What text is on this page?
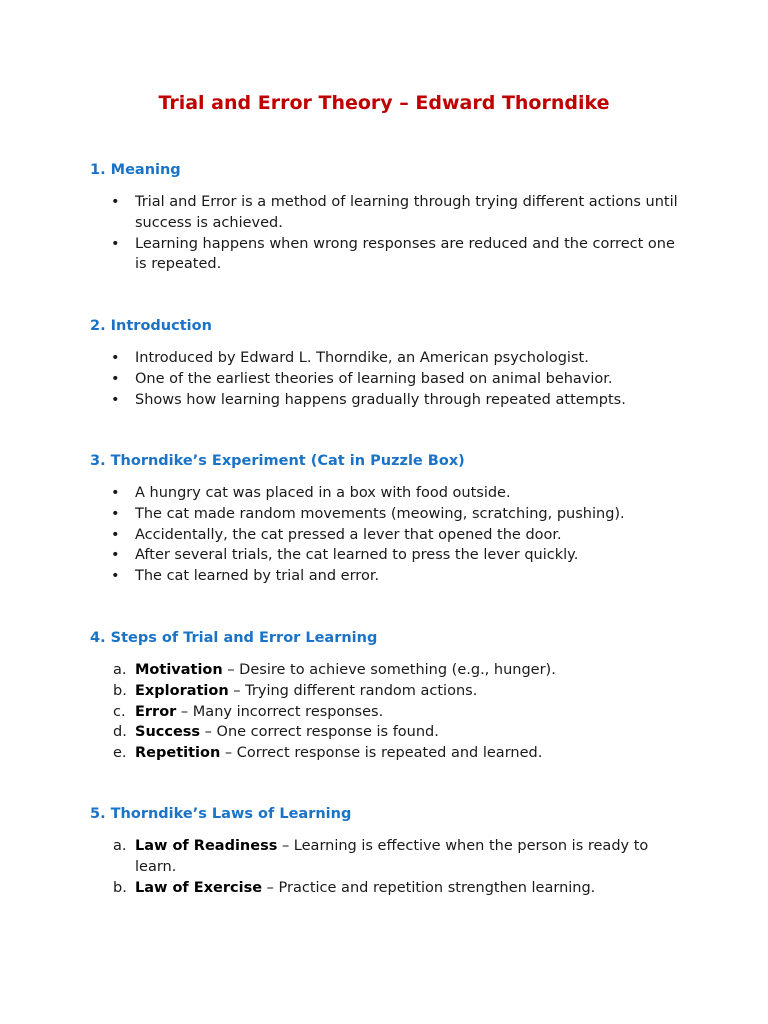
Trial and Error Theory – Edward Thorndike
1. Meaning
• Trial and Error is a method of learning through trying different actions until success is achieved.
• Learning happens when wrong responses are reduced and the correct one is repeated.
2. Introduction
• Introduced by Edward L. Thorndike, an American psychologist.
• One of the earliest theories of learning based on animal behavior.
• Shows how learning happens gradually through repeated attempts.
3. Thorndike’s Experiment (Cat in Puzzle Box)
• A hungry cat was placed in a box with food outside.
• The cat made random movements (meowing, scratching, pushing).
• Accidentally, the cat pressed a lever that opened the door.
• After several trials, the cat learned to press the lever quickly.
• The cat learned by trial and error.
4. Steps of Trial and Error Learning
a. Motivation – Desire to achieve something (e.g., hunger).
b. Exploration – Trying different random actions.
c. Error – Many incorrect responses.
d. Success – One correct response is found.
e. Repetition – Correct response is repeated and learned.
5. Thorndike’s Laws of Learning
a. Law of Readiness – Learning is effective when the person is ready to learn.
b. Law of Exercise – Practice and repetition strengthen learning.
